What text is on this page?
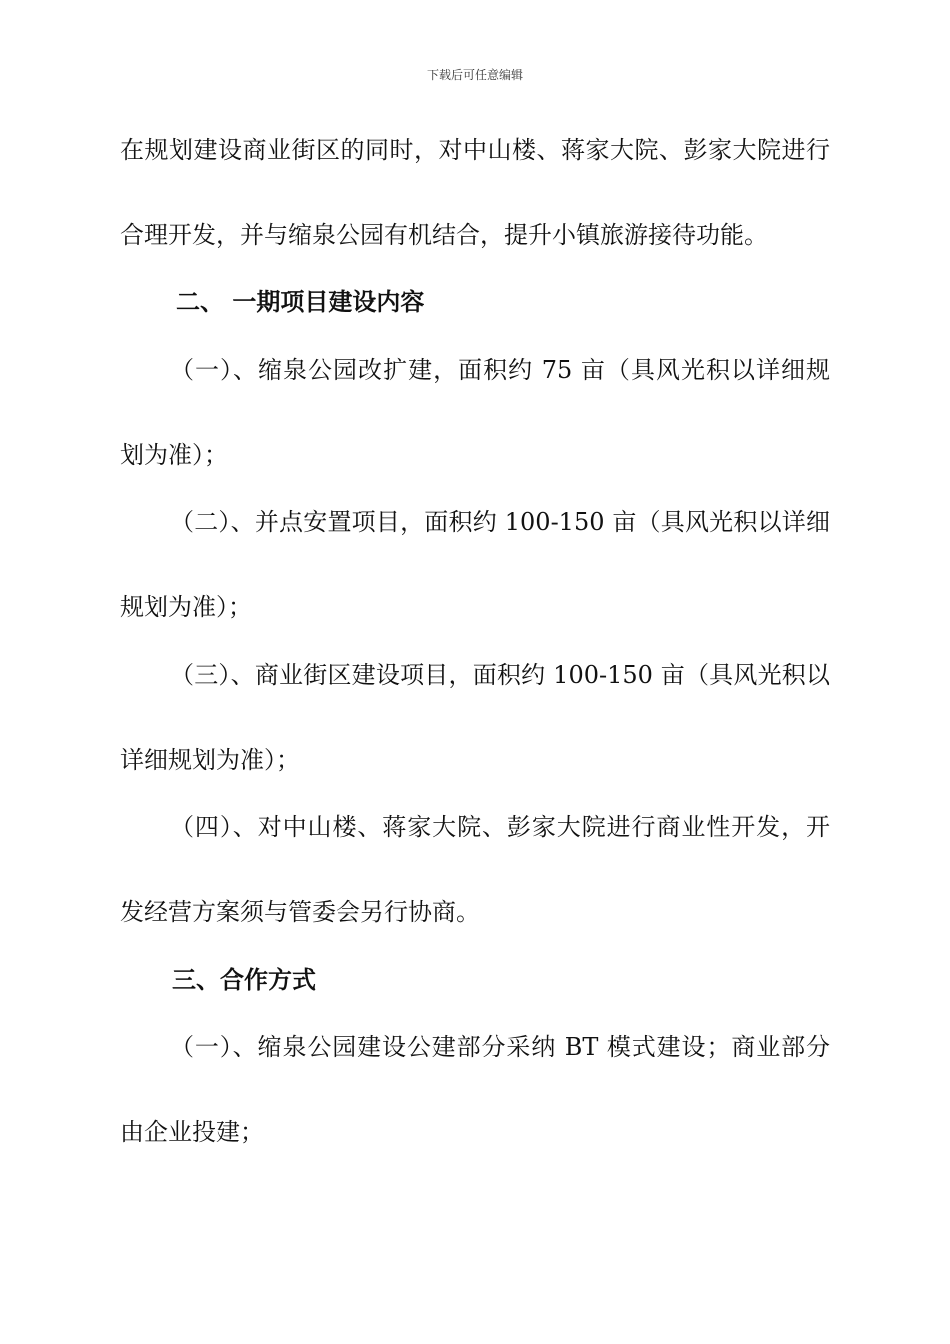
下载后可任意编辑
在规划建设商业街区的同时，对中山楼、蒋家大院、彭家大院进行
合理开发，并与缩泉公园有机结合，提升小镇旅游接待功能。
二、 一期项目建设内容
（一）、缩泉公园改扩建，面积约 75 亩（具风光积以详细规
划为准）；
（二）、并点安置项目，面积约 100-150 亩（具风光积以详细
规划为准）；
（三）、商业街区建设项目，面积约 100-150 亩（具风光积以
详细规划为准）；
（四）、对中山楼、蒋家大院、彭家大院进行商业性开发，开
发经营方案须与管委会另行协商。
三、合作方式
（一）、缩泉公园建设公建部分采纳 BT 模式建设；商业部分
由企业投建；
